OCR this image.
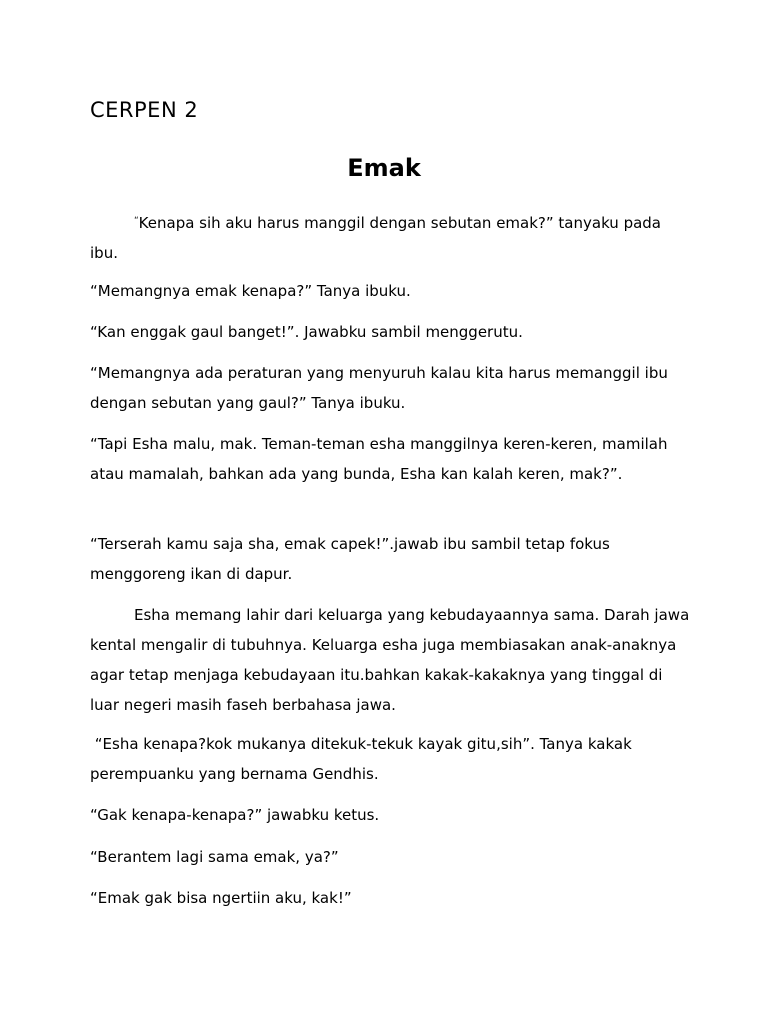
CERPEN 2
Emak

“Kenapa sih aku harus manggil dengan sebutan emak?” tanyaku pada ibu.

“Memangnya emak kenapa?” Tanya ibuku.

“Kan enggak gaul banget!”. Jawabku sambil menggerutu.

“Memangnya ada peraturan yang menyuruh kalau kita harus memanggil ibu dengan sebutan yang gaul?” Tanya ibuku.

“Tapi Esha malu, mak. Teman-teman esha manggilnya keren-keren, mamilah atau mamalah, bahkan ada yang bunda, Esha kan kalah keren, mak?”.

“Terserah kamu saja sha, emak capek!”.jawab ibu sambil tetap fokus menggoreng ikan di dapur.

Esha memang lahir dari keluarga yang kebudayaannya sama. Darah jawa kental mengalir di tubuhnya. Keluarga esha juga membiasakan anak-anaknya agar tetap menjaga kebudayaan itu.bahkan kakak-kakaknya yang tinggal di luar negeri masih faseh berbahasa jawa.

“Esha kenapa?kok mukanya ditekuk-tekuk kayak gitu,sih”. Tanya kakak perempuanku yang bernama Gendhis.

“Gak kenapa-kenapa?” jawabku ketus.

“Berantem lagi sama emak, ya?”

“Emak gak bisa ngertiin aku, kak!”
